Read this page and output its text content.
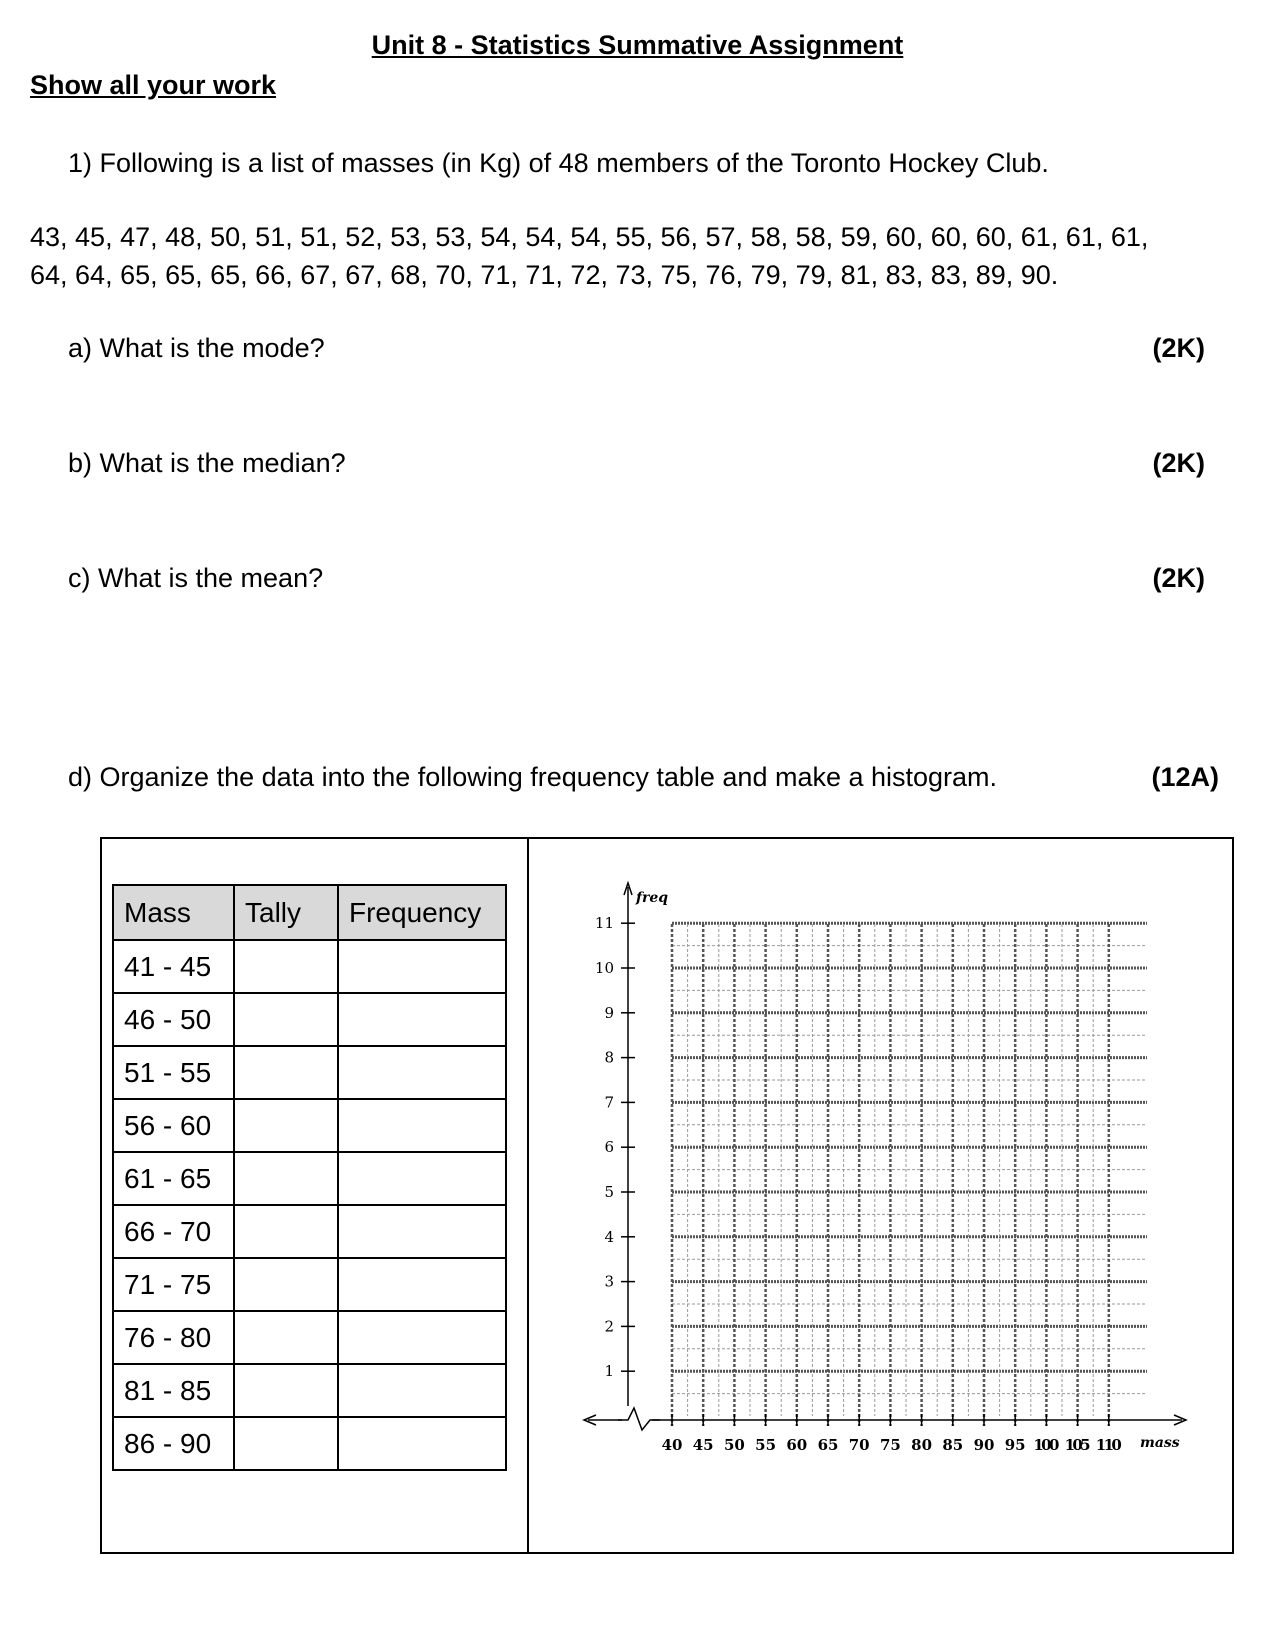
Unit 8 - Statistics Summative Assignment
Show all your work
1) Following is a list of masses (in Kg) of 48 members of the Toronto Hockey Club.
43, 45, 47, 48, 50, 51, 51, 52, 53, 53, 54, 54, 54, 55, 56, 57, 58, 58, 59, 60, 60, 60, 61, 61, 61,
64, 64, 65, 65, 65, 66, 67, 67, 68, 70, 71, 71, 72, 73, 75, 76, 79, 79, 81, 83, 83, 89, 90.
a) What is the mode?	(2K)
b) What is the median?	(2K)
c) What is the mean?	(2K)
d) Organize the data into the following frequency table and make a histogram.	(12A)
Mass	Tally	Frequency
41 - 45		
46 - 50		
51 - 55		
56 - 60		
61 - 65		
66 - 70		
71 - 75		
76 - 80		
81 - 85		
86 - 90		
freq
1
2
3
4
5
6
7
8
9
10
11
40 45 50 55 60 65 70 75 80 85 90 95 100 105 110 mass
